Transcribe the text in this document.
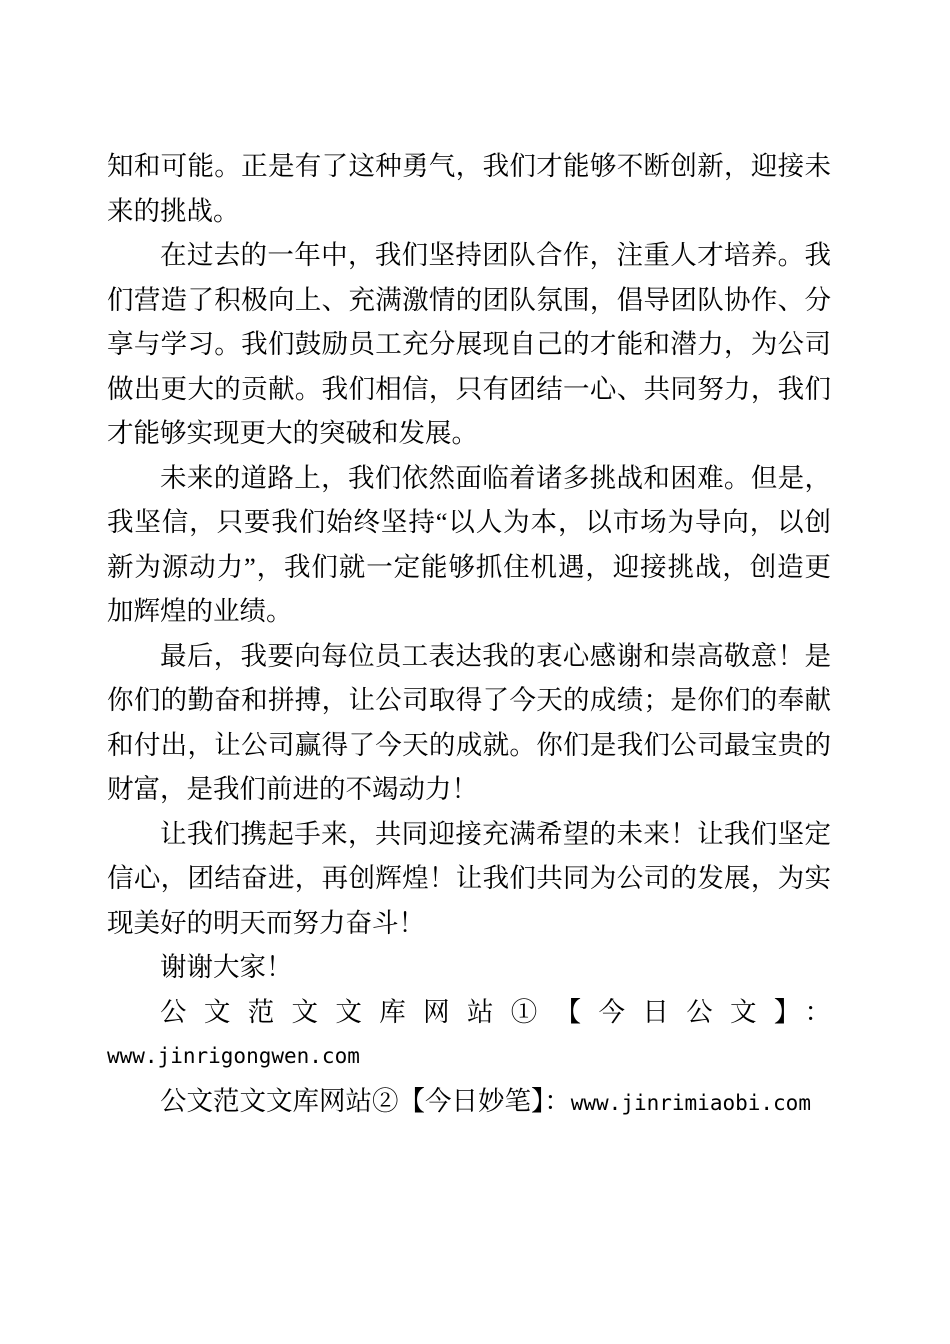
知和可能。正是有了这种勇气，我们才能够不断创新，迎接未来的挑战。

在过去的一年中，我们坚持团队合作，注重人才培养。我们营造了积极向上、充满激情的团队氛围，倡导团队协作、分享与学习。我们鼓励员工充分展现自己的才能和潜力，为公司做出更大的贡献。我们相信，只有团结一心、共同努力，我们才能够实现更大的突破和发展。

未来的道路上，我们依然面临着诸多挑战和困难。但是，我坚信，只要我们始终坚持“以人为本，以市场为导向，以创新为源动力”，我们就一定能够抓住机遇，迎接挑战，创造更加辉煌的业绩。

最后，我要向每位员工表达我的衷心感谢和崇高敬意！是你们的勤奋和拼搏，让公司取得了今天的成绩；是你们的奉献和付出，让公司赢得了今天的成就。你们是我们公司最宝贵的财富，是我们前进的不竭动力！

让我们携起手来，共同迎接充满希望的未来！让我们坚定信心，团结奋进，再创辉煌！让我们共同为公司的发展，为实现美好的明天而努力奋斗！

谢谢大家！

公文范文文库网站①【今日公文】：
www.jinrigongwen.com

公文范文文库网站②【今日妙笔】：www.jinrimiaobi.com
